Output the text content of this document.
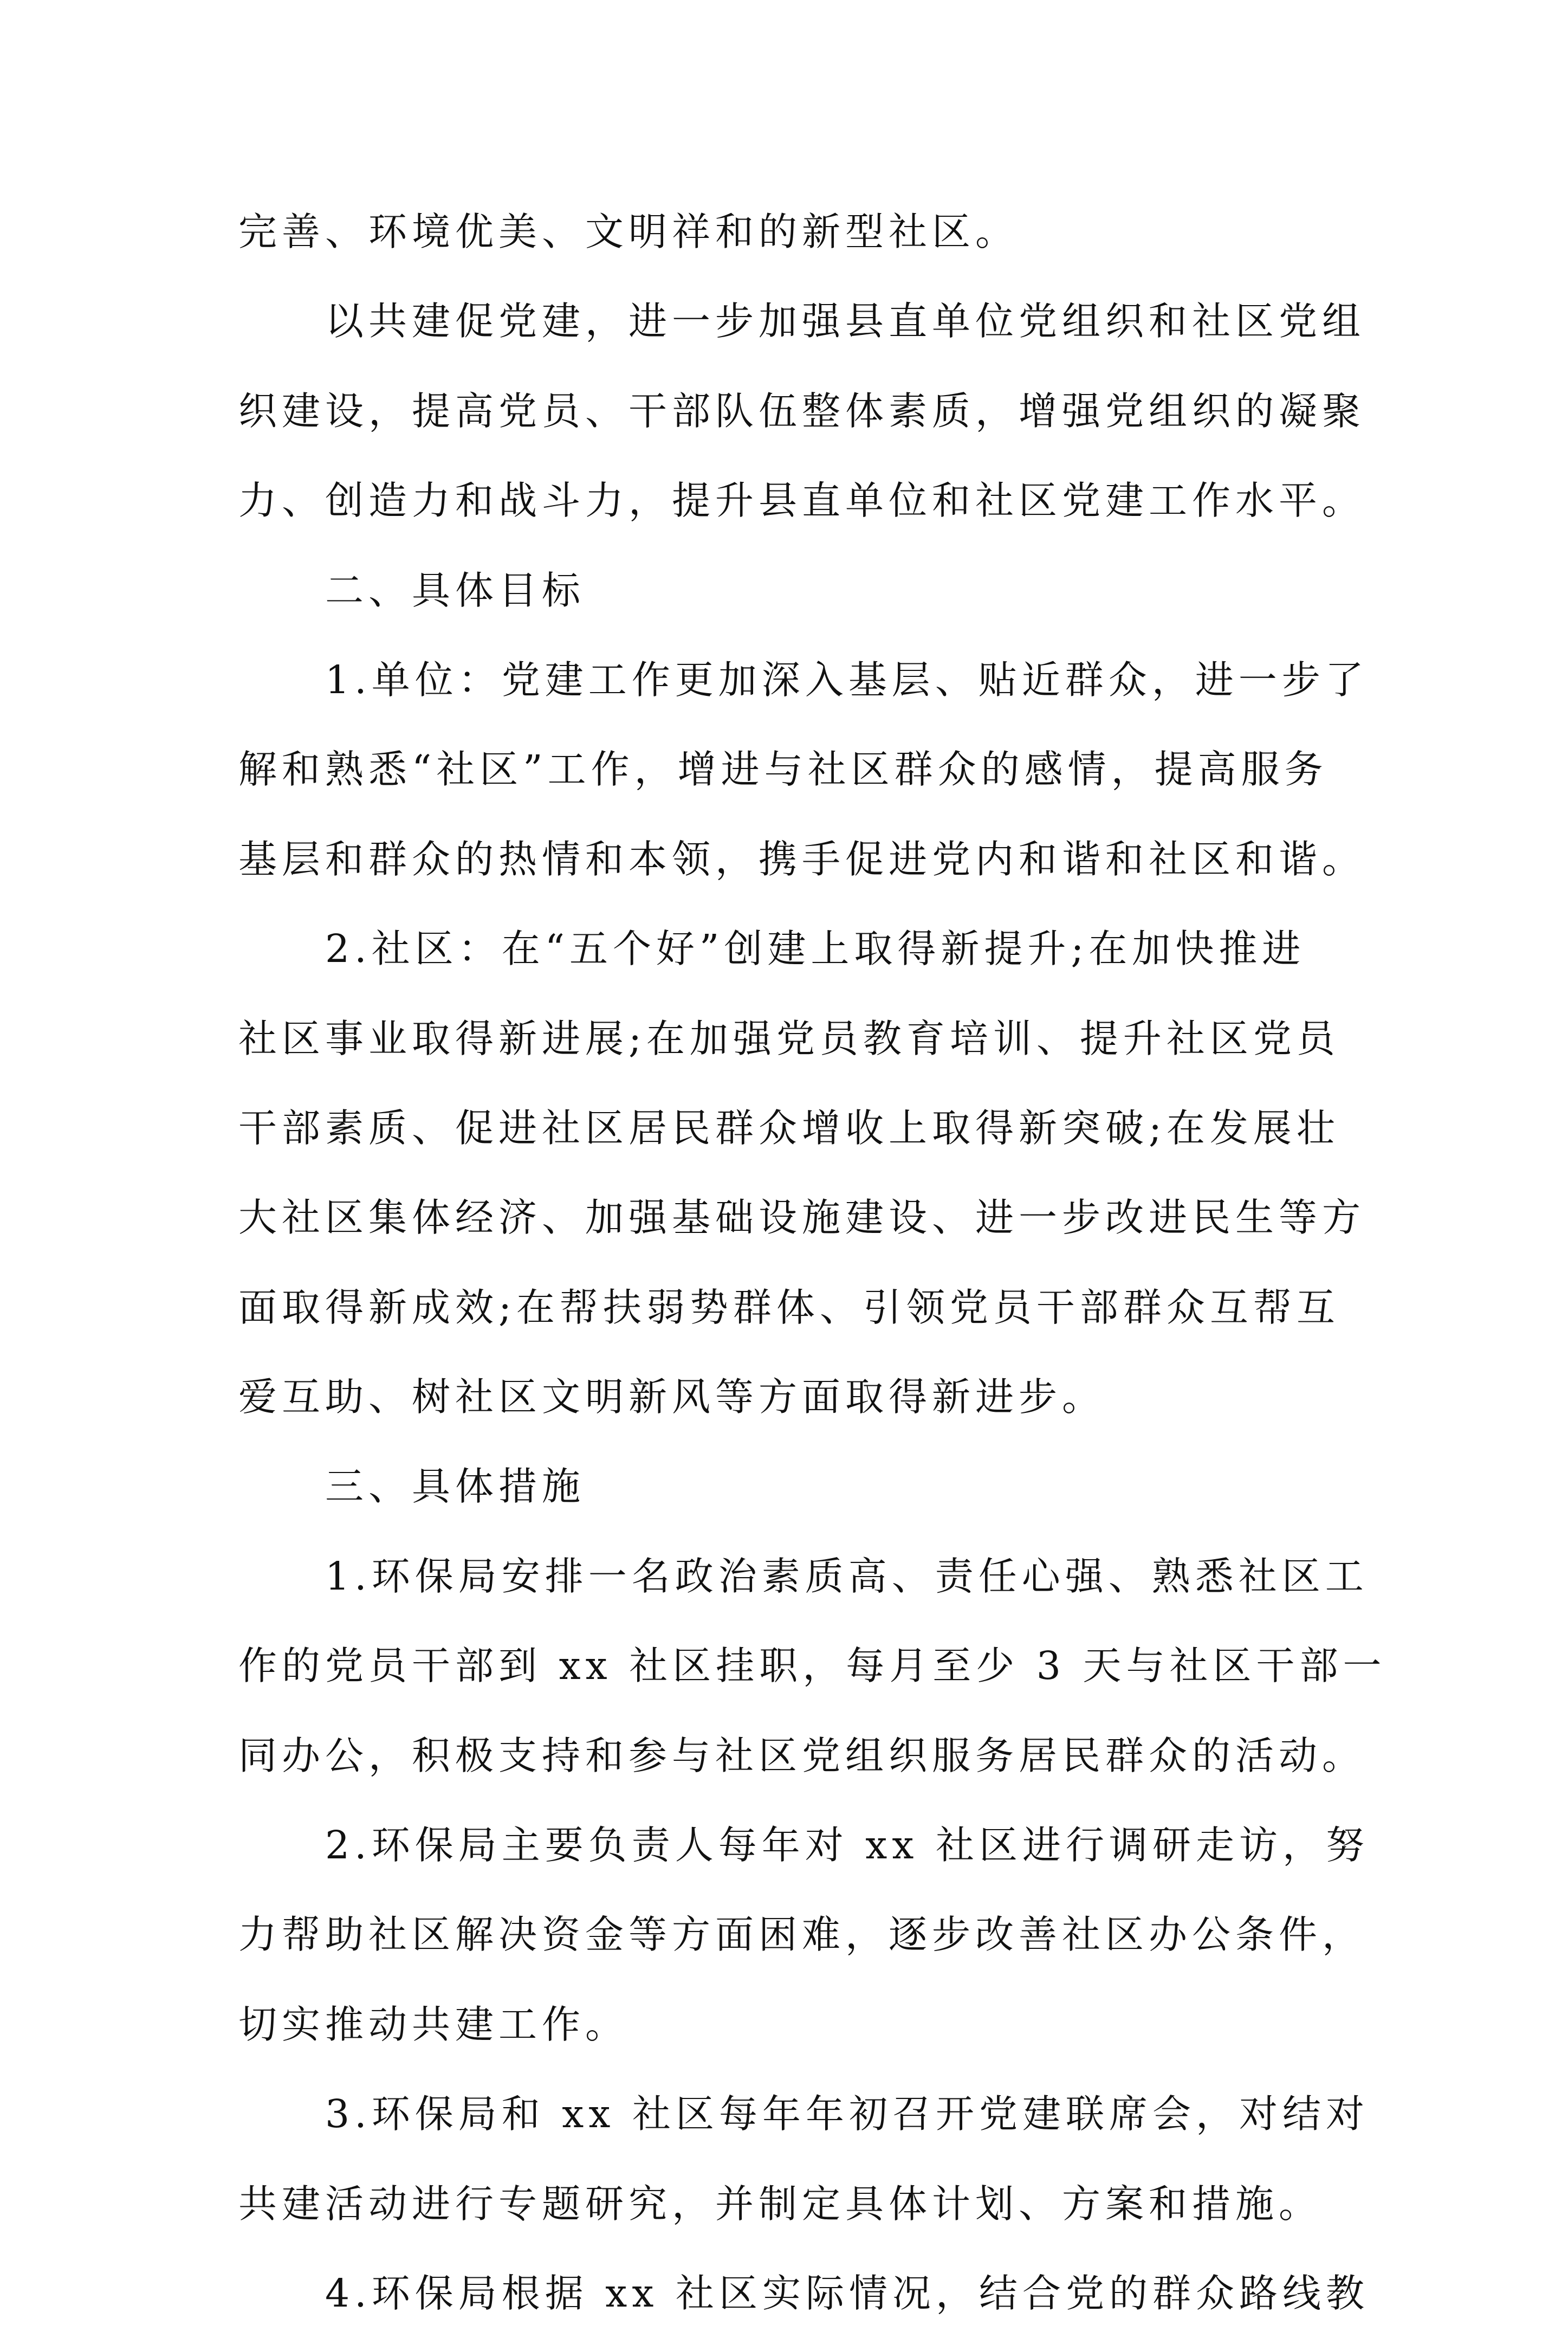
完善、环境优美、文明祥和的新型社区。
以共建促党建，进一步加强县直单位党组织和社区党组
织建设，提高党员、干部队伍整体素质，增强党组织的凝聚
力、创造力和战斗力，提升县直单位和社区党建工作水平。
二、具体目标
1.单位：党建工作更加深入基层、贴近群众，进一步了
解和熟悉“社区”工作，增进与社区群众的感情，提高服务
基层和群众的热情和本领，携手促进党内和谐和社区和谐。
2.社区：在“五个好”创建上取得新提升;在加快推进
社区事业取得新进展;在加强党员教育培训、提升社区党员
干部素质、促进社区居民群众增收上取得新突破;在发展壮
大社区集体经济、加强基础设施建设、进一步改进民生等方
面取得新成效;在帮扶弱势群体、引领党员干部群众互帮互
爱互助、树社区文明新风等方面取得新进步。
三、具体措施
1.环保局安排一名政治素质高、责任心强、熟悉社区工
作的党员干部到 xx 社区挂职，每月至少 3 天与社区干部一
同办公，积极支持和参与社区党组织服务居民群众的活动。
2.环保局主要负责人每年对 xx 社区进行调研走访，努
力帮助社区解决资金等方面困难，逐步改善社区办公条件，
切实推动共建工作。
3.环保局和 xx 社区每年年初召开党建联席会，对结对
共建活动进行专题研究，并制定具体计划、方案和措施。
4.环保局根据 xx 社区实际情况，结合党的群众路线教
